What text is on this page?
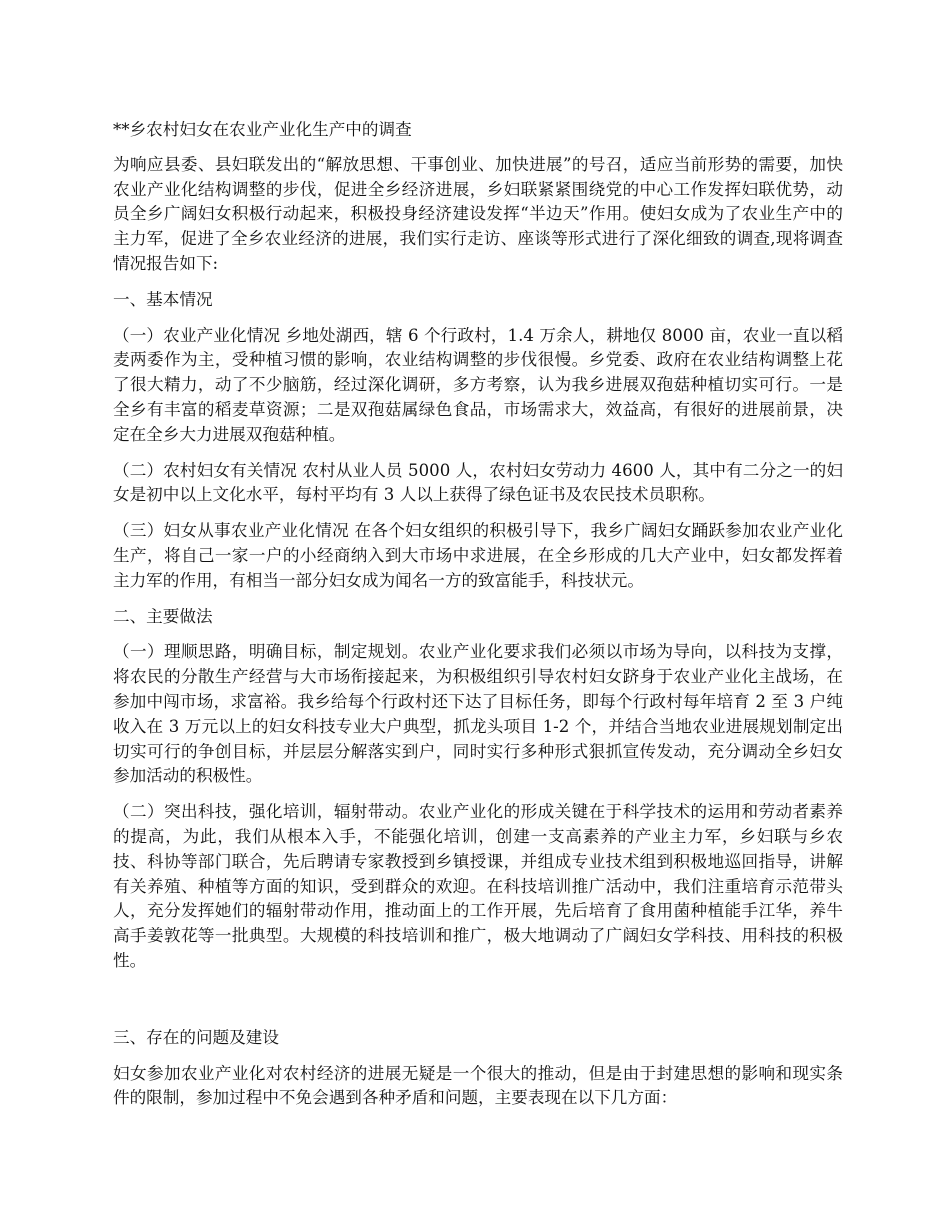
**乡农村妇女在农业产业化生产中的调查

为响应县委、县妇联发出的“解放思想、干事创业、加快进展”的号召，适应当前形势的需要，加快农业产业化结构调整的步伐，促进全乡经济进展，乡妇联紧紧围绕党的中心工作发挥妇联优势，动员全乡广阔妇女积极行动起来，积极投身经济建设发挥“半边天”作用。使妇女成为了农业生产中的主力军，促进了全乡农业经济的进展，我们实行走访、座谈等形式进行了深化细致的调查,现将调查情况报告如下:

一、基本情况

（一）农业产业化情况 乡地处湖西，辖 6 个行政村，1.4 万余人，耕地仅 8000 亩，农业一直以稻麦两委作为主，受种植习惯的影响，农业结构调整的步伐很慢。乡党委、政府在农业结构调整上花了很大精力，动了不少脑筋，经过深化调研，多方考察，认为我乡进展双孢菇种植切实可行。一是全乡有丰富的稻麦草资源；二是双孢菇属绿色食品，市场需求大，效益高，有很好的进展前景，决定在全乡大力进展双孢菇种植。

（二）农村妇女有关情况 农村从业人员 5000 人，农村妇女劳动力 4600 人，其中有二分之一的妇女是初中以上文化水平，每村平均有 3 人以上获得了绿色证书及农民技术员职称。

（三）妇女从事农业产业化情况 在各个妇女组织的积极引导下，我乡广阔妇女踊跃参加农业产业化生产，将自己一家一户的小经商纳入到大市场中求进展，在全乡形成的几大产业中，妇女都发挥着主力军的作用，有相当一部分妇女成为闻名一方的致富能手，科技状元。

二、主要做法

（一）理顺思路，明确目标，制定规划。农业产业化要求我们必须以市场为导向，以科技为支撑，将农民的分散生产经营与大市场衔接起来，为积极组织引导农村妇女跻身于农业产业化主战场，在参加中闯市场，求富裕。我乡给每个行政村还下达了目标任务，即每个行政村每年培育 2 至 3 户纯收入在 3 万元以上的妇女科技专业大户典型，抓龙头项目 1-2 个，并结合当地农业进展规划制定出切实可行的争创目标，并层层分解落实到户，同时实行多种形式狠抓宣传发动，充分调动全乡妇女参加活动的积极性。

（二）突出科技，强化培训，辐射带动。农业产业化的形成关键在于科学技术的运用和劳动者素养的提高，为此，我们从根本入手，不能强化培训，创建一支高素养的产业主力军，乡妇联与乡农技、科协等部门联合，先后聘请专家教授到乡镇授课，并组成专业技术组到积极地巡回指导，讲解有关养殖、种植等方面的知识，受到群众的欢迎。在科技培训推广活动中，我们注重培育示范带头人，充分发挥她们的辐射带动作用，推动面上的工作开展，先后培育了食用菌种植能手江华，养牛高手姜敦花等一批典型。大规模的科技培训和推广，极大地调动了广阔妇女学科技、用科技的积极性。

三、存在的问题及建设

妇女参加农业产业化对农村经济的进展无疑是一个很大的推动，但是由于封建思想的影响和现实条件的限制，参加过程中不免会遇到各种矛盾和问题，主要表现在以下几方面：
